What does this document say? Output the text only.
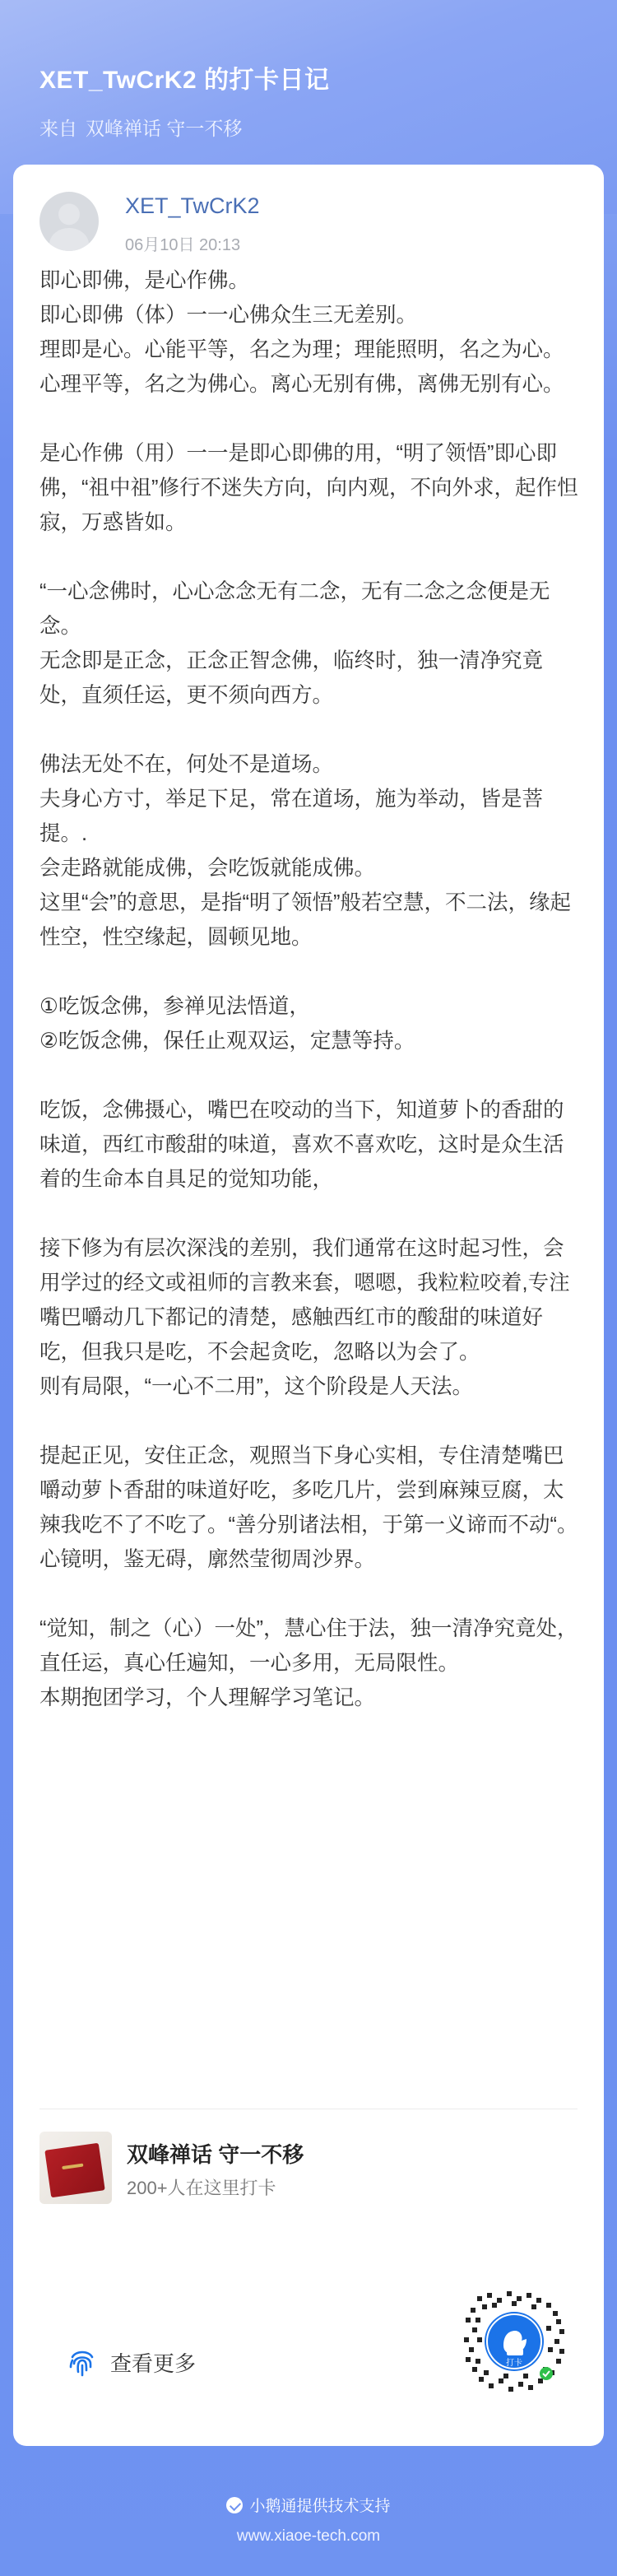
XET_TwCrK2 的打卡日记
来自 双峰禅话 守一不移
XET_TwCrK2
06月10日 20:13

即心即佛，是心作佛。

即心即佛（体）一一心佛众生三无差别。

理即是心。心能平等，名之为理；理能照明，名之为心。心理平等，名之为佛心。离心无别有佛，离佛无别有心。

是心作佛（用）一一是即心即佛的用，“明了领悟”即心即佛，“祖中祖”修行不迷失方向，向内观，不向外求，起作怛寂，万惑皆如。

“一心念佛时，心心念念无有二念，无有二念之念便是无念。

无念即是正念，正念正智念佛，临终时，独一清净究竟处，直须任运，更不须向西方。

佛法无处不在，何处不是道场。

夫身心方寸，举足下足，常在道场，施为举动，皆是菩提。.

会走路就能成佛，会吃饭就能成佛。

这里“会”的意思，是指“明了领悟”般若空慧，不二法，缘起性空，性空缘起，圆顿见地。

①吃饭念佛，参禅见法悟道，

②吃饭念佛，保任止观双运，定慧等持。

吃饭，念佛摄心，嘴巴在咬动的当下，知道萝卜的香甜的味道，西红市酸甜的味道，喜欢不喜欢吃，这时是众生活着的生命本自具足的觉知功能，

接下修为有层次深浅的差别，我们通常在这时起习性，会用学过的经文或祖师的言教来套，嗯嗯，我粒粒咬着,专注嘴巴嚼动几下都记的清楚，感触西红市的酸甜的味道好吃，但我只是吃，不会起贪吃，忽略以为会了。

则有局限，“一心不二用”，这个阶段是人天法。

提起正见，安住正念，观照当下身心实相，专住清楚嘴巴嚼动萝卜香甜的味道好吃，多吃几片，尝到麻辣豆腐，太辣我吃不了不吃了。“善分别诸法相，于第一义谛而不动“。

心镜明，鉴无碍，廓然莹彻周沙界。

“觉知，制之（心）一处”，慧心住于法，独一清净究竟处，直任运，真心任遍知，一心多用，无局限性。

本期抱团学习，个人理解学习笔记。

双峰禅话 守一不移
200+人在这里打卡
查看更多	打卡
小鹅通提供技术支持
www.xiaoe-tech.com
